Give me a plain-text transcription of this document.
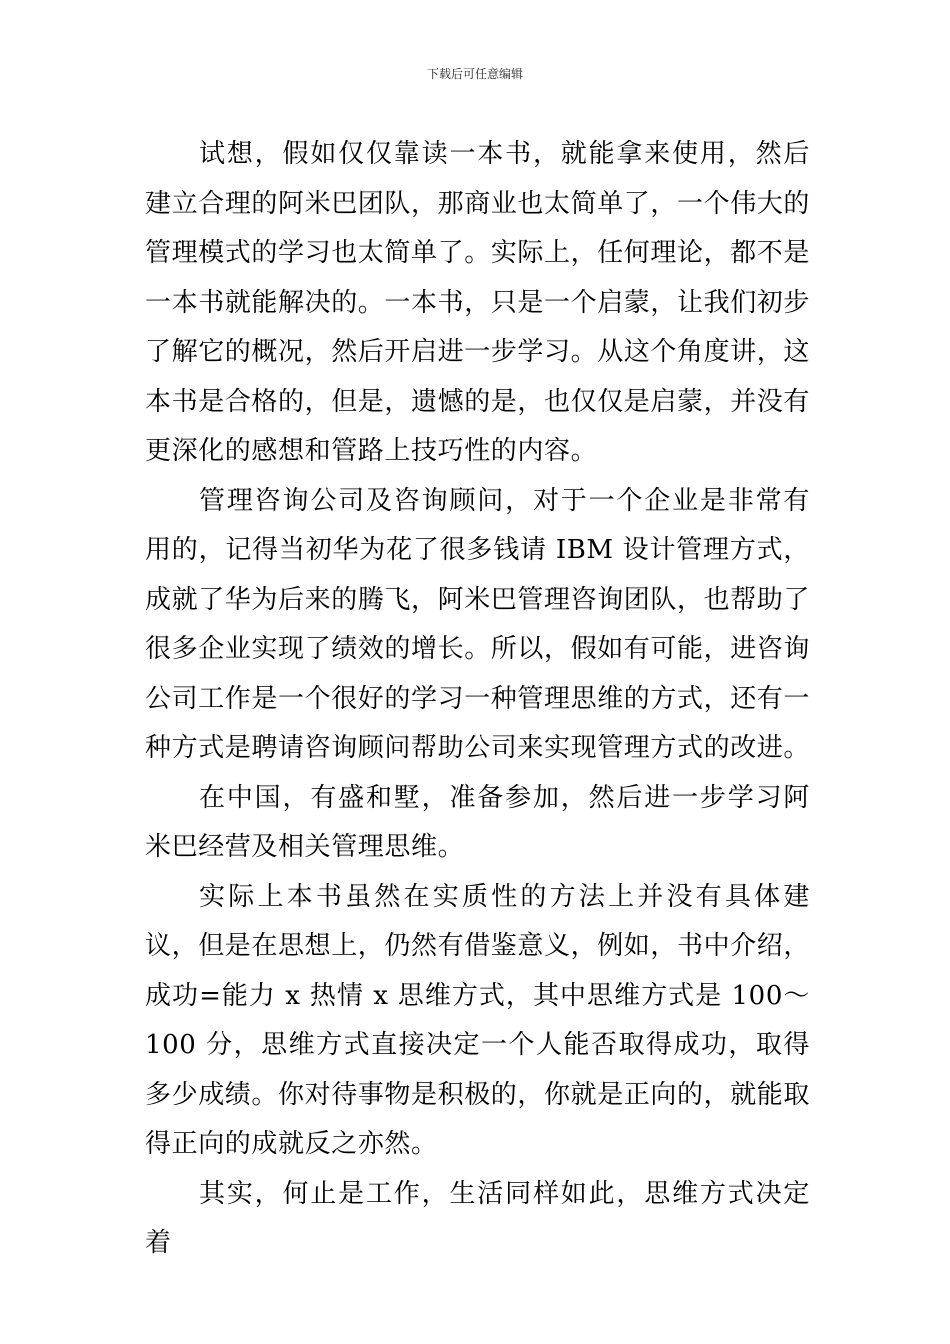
下载后可任意编辑

试想，假如仅仅靠读一本书，就能拿来使用，然后建立合理的阿米巴团队，那商业也太简单了，一个伟大的管理模式的学习也太简单了。实际上，任何理论，都不是一本书就能解决的。一本书，只是一个启蒙，让我们初步了解它的概况，然后开启进一步学习。从这个角度讲，这本书是合格的，但是，遗憾的是，也仅仅是启蒙，并没有更深化的感想和管路上技巧性的内容。

管理咨询公司及咨询顾问，对于一个企业是非常有用的，记得当初华为花了很多钱请 IBM 设计管理方式，成就了华为后来的腾飞，阿米巴管理咨询团队，也帮助了很多企业实现了绩效的增长。所以，假如有可能，进咨询公司工作是一个很好的学习一种管理思维的方式，还有一种方式是聘请咨询顾问帮助公司来实现管理方式的改进。

在中国，有盛和墅，准备参加，然后进一步学习阿米巴经营及相关管理思维。

实际上本书虽然在实质性的方法上并没有具体建议，但是在思想上，仍然有借鉴意义，例如，书中介绍，成功=能力 x 热情 x 思维方式，其中思维方式是 100～100 分，思维方式直接决定一个人能否取得成功，取得多少成绩。你对待事物是积极的，你就是正向的，就能取得正向的成就反之亦然。

其实，何止是工作，生活同样如此，思维方式决定着
